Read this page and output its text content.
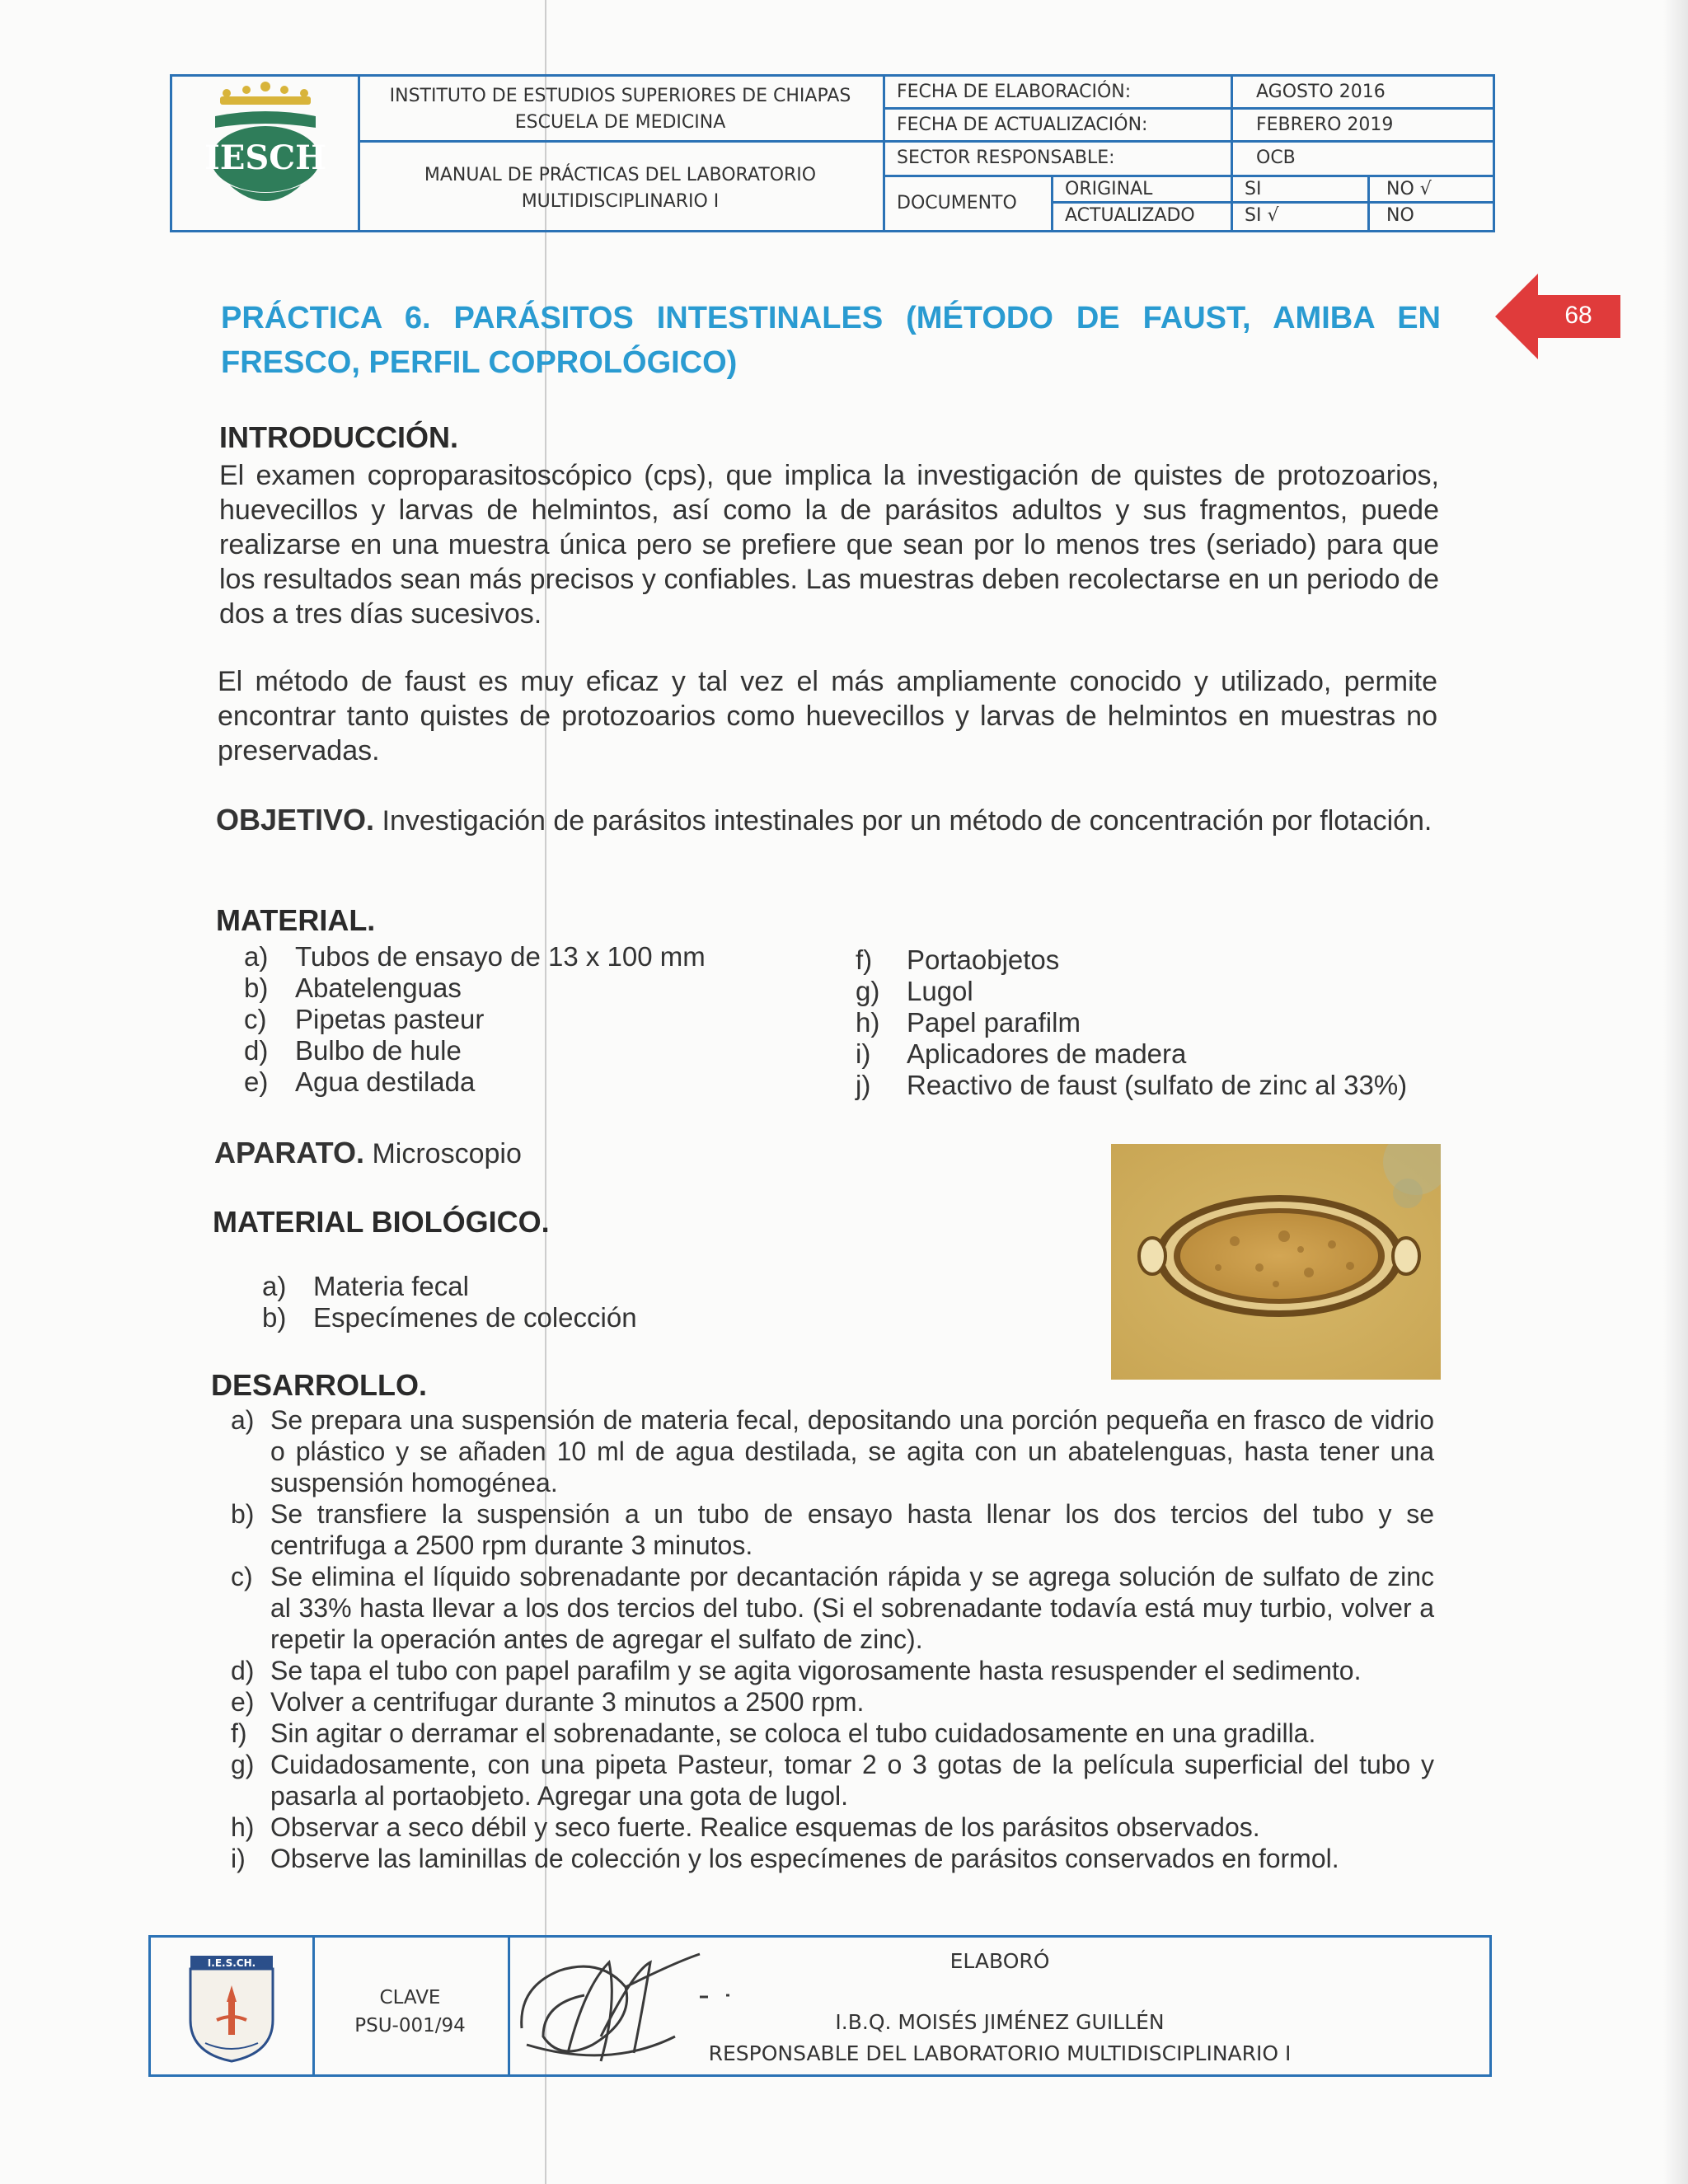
IESCH
INSTITUTO DE ESTUDIOS SUPERIORES DE CHIAPAS
ESCUELA DE MEDICINA
MANUAL DE PRÁCTICAS DEL LABORATORIO
MULTIDISCIPLINARIO I
FECHA DE ELABORACIÓN:	AGOSTO 2016
FECHA DE ACTUALIZACIÓN:	FEBRERO 2019
SECTOR RESPONSABLE:	OCB
DOCUMENTO
ORIGINAL	SI	NO √
ACTUALIZADO	SI √	NO
68
PRÁCTICA 6. PARÁSITOS INTESTINALES (MÉTODO DE FAUST, AMIBA EN
FRESCO, PERFIL COPROLÓGICO)
INTRODUCCIÓN.

El examen coproparasitoscópico (cps), que implica la investigación de quistes de protozoarios, huevecillos y larvas de helmintos, así como la de parásitos adultos y sus fragmentos, puede realizarse en una muestra única pero se prefiere que sean por lo menos tres (seriado) para que los resultados sean más precisos y confiables. Las muestras deben recolectarse en un periodo de dos a tres días sucesivos.

El método de faust es muy eficaz y tal vez el más ampliamente conocido y utilizado, permite encontrar tanto quistes de protozoarios como huevecillos y larvas de helmintos en muestras no preservadas.

OBJETIVO. Investigación de parásitos intestinales por un método de concentración por flotación.

MATERIAL.
a) Tubos de ensayo de 13 x 100 mm
b) Abatelenguas
c) Pipetas pasteur
d) Bulbo de hule
e) Agua destilada
f) Portaobjetos
g) Lugol
h) Papel parafilm
i) Aplicadores de madera
j) Reactivo de faust (sulfato de zinc al 33%)

APARATO. Microscopio

MATERIAL BIOLÓGICO.
a) Materia fecal
b) Especímenes de colección
DESARROLLO.
a) Se prepara una suspensión de materia fecal, depositando una porción pequeña en frasco de vidrio o plástico y se añaden 10 ml de agua destilada, se agita con un abatelenguas, hasta tener una suspensión homogénea.
b) Se transfiere la suspensión a un tubo de ensayo hasta llenar los dos tercios del tubo y se centrifuga a 2500 rpm durante 3 minutos.
c) Se elimina el líquido sobrenadante por decantación rápida y se agrega solución de sulfato de zinc al 33% hasta llevar a los dos tercios del tubo. (Si el sobrenadante todavía está muy turbio, volver a repetir la operación antes de agregar el sulfato de zinc).
d) Se tapa el tubo con papel parafilm y se agita vigorosamente hasta resuspender el sedimento.
e) Volver a centrifugar durante 3 minutos a 2500 rpm.
f) Sin agitar o derramar el sobrenadante, se coloca el tubo cuidadosamente en una gradilla.
g) Cuidadosamente, con una pipeta Pasteur, tomar 2 o 3 gotas de la película superficial del tubo y pasarla al portaobjeto. Agregar una gota de lugol.
h) Observar a seco débil y seco fuerte. Realice esquemas de los parásitos observados.
i) Observe las laminillas de colección y los especímenes de parásitos conservados en formol.
I.E.S.CH.
CLAVE
PSU-001/94
ELABORÓ
I.B.Q. MOISÉS JIMÉNEZ GUILLÉN
RESPONSABLE DEL LABORATORIO MULTIDISCIPLINARIO I
